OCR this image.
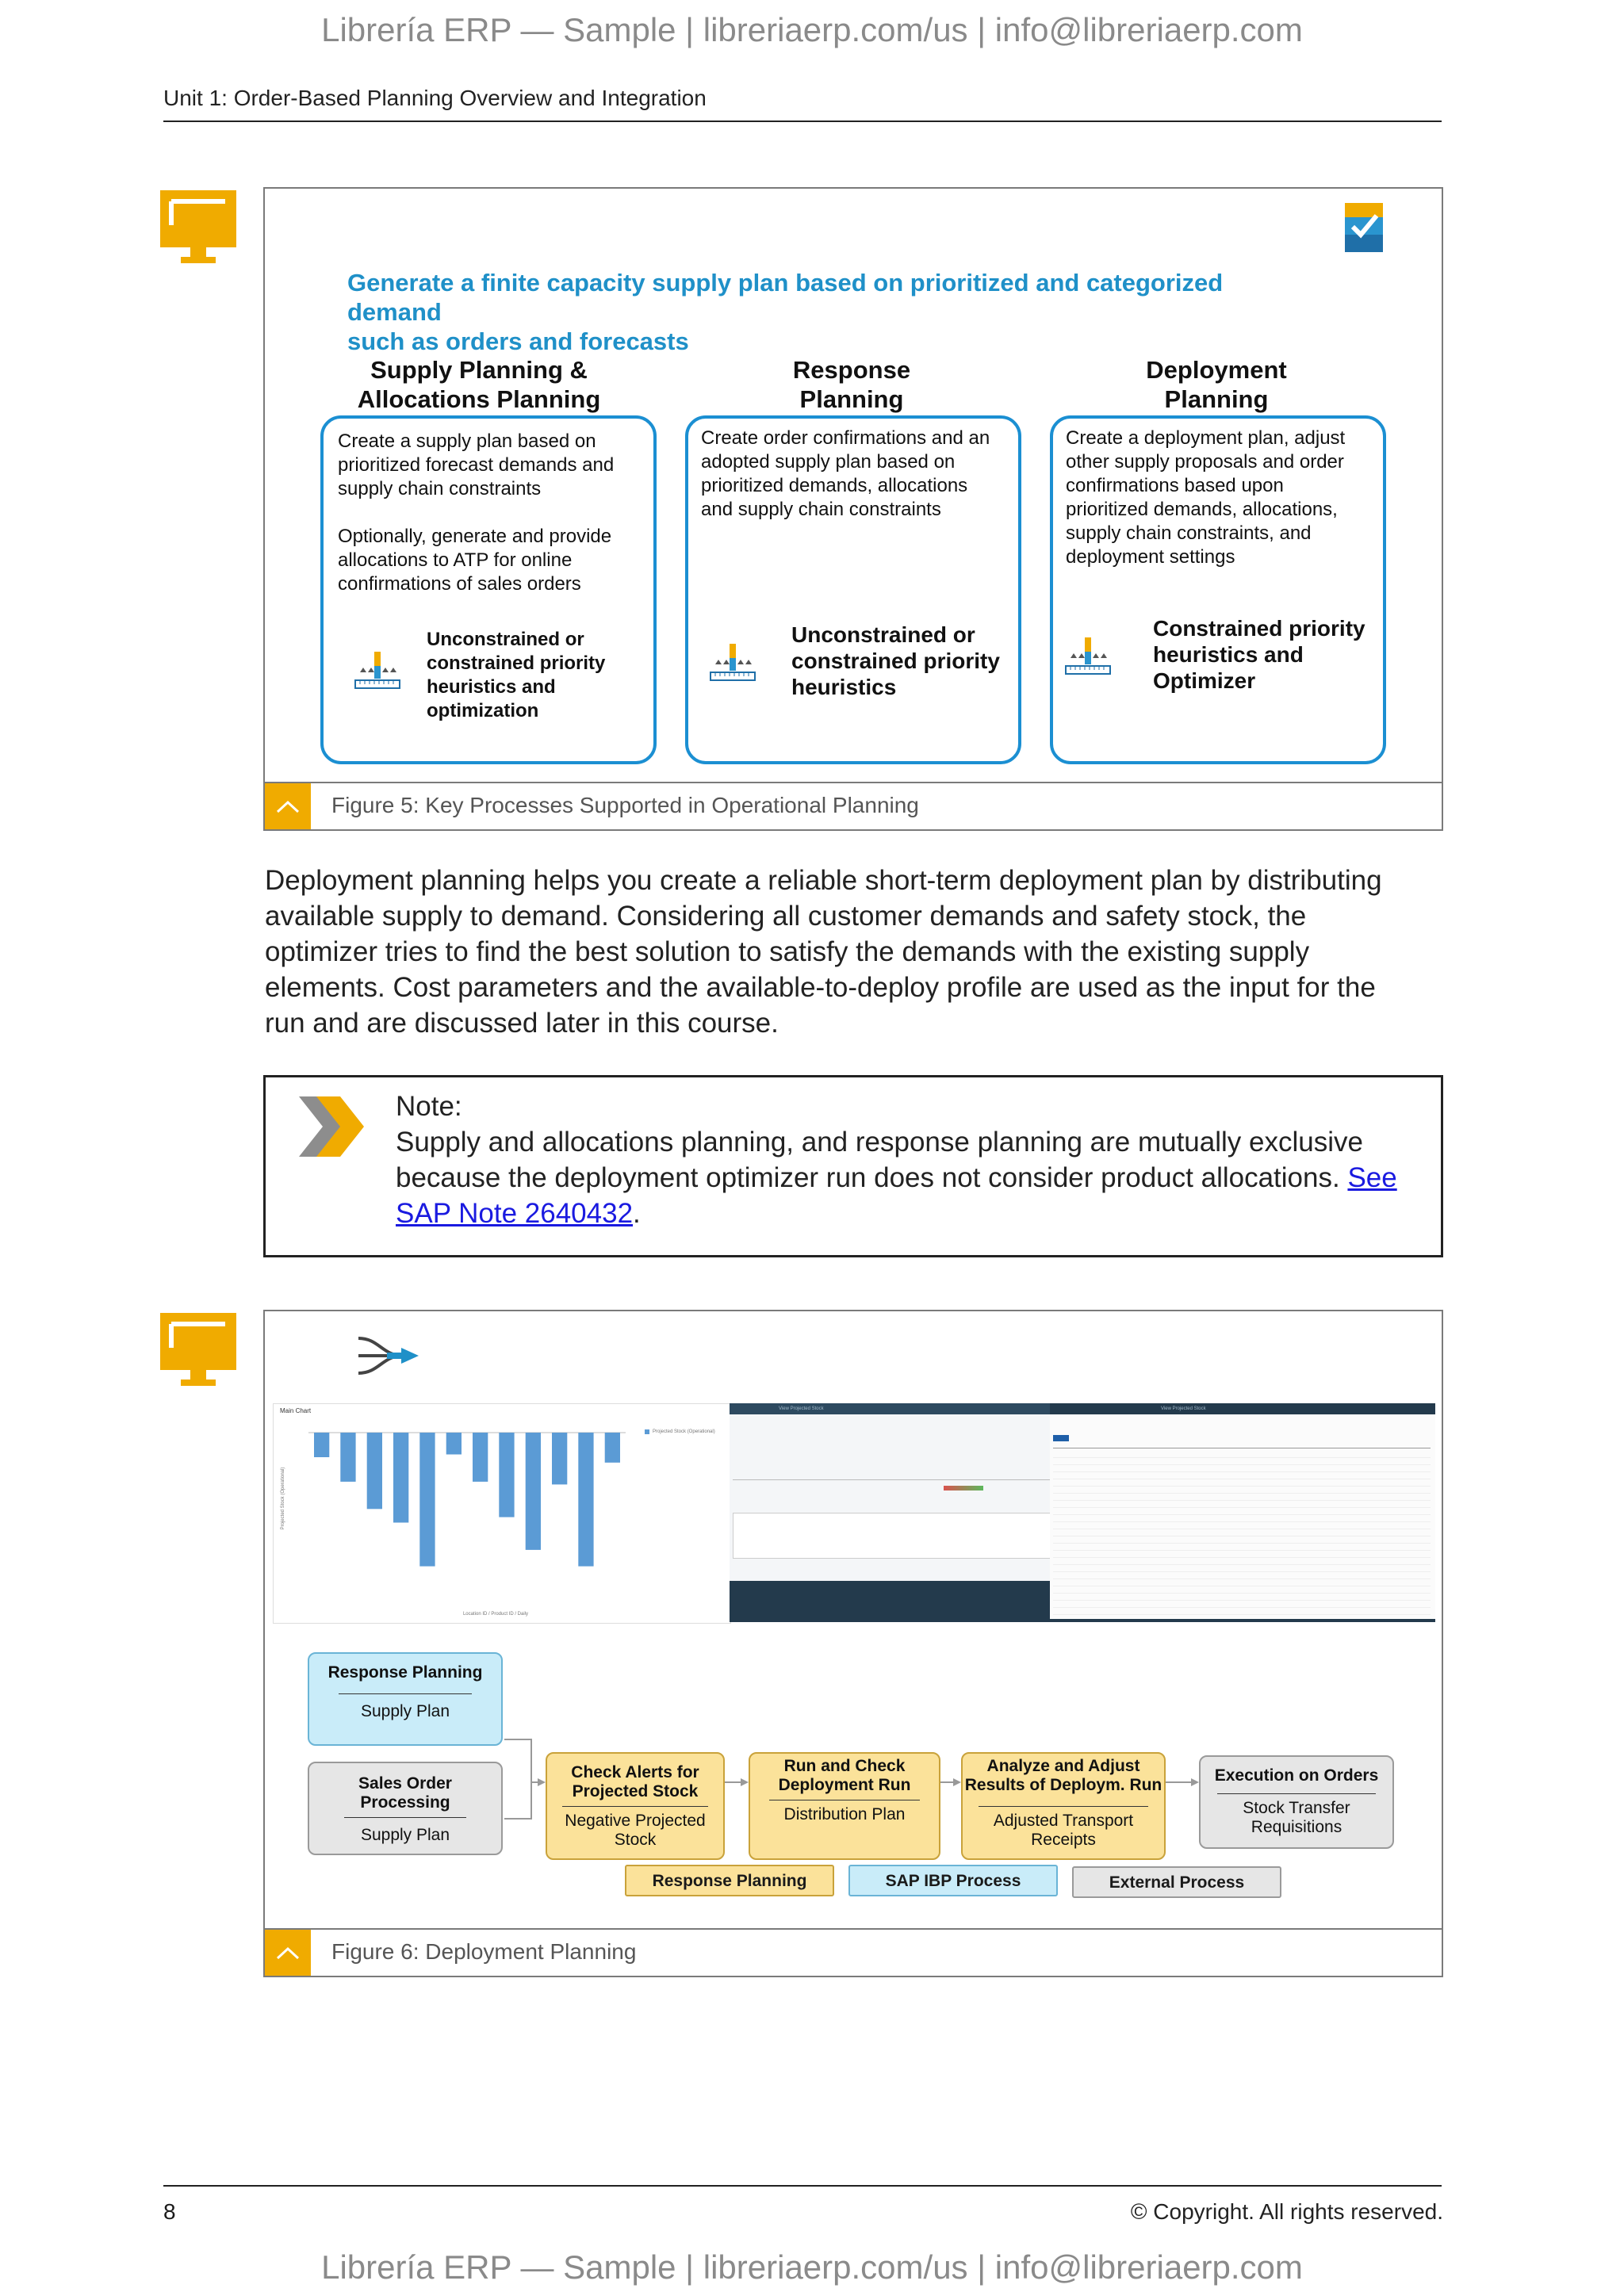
Librería ERP — Sample | libreriaerp.com/us | info@libreriaerp.com
Unit 1: Order-Based Planning Overview and Integration
Generate a finite capacity supply plan based on prioritized and categorized
demand
such as orders and forecasts
Supply Planning &
Allocations Planning
Create a supply plan based on
prioritized forecast demands and
supply chain constraints
Optionally, generate and provide
allocations to ATP for online
confirmations of sales orders
Unconstrained or
constrained priority
heuristics and
optimization
Response
Planning
Create order confirmations and an
adopted supply plan based on
prioritized demands, allocations
and supply chain constraints
Unconstrained or
constrained priority
heuristics
Deployment
Planning
Create a deployment plan, adjust
other supply proposals and order
confirmations based upon
prioritized demands, allocations,
supply chain constraints, and
deployment settings
Constrained priority
heuristics and
Optimizer
Figure 5: Key Processes Supported in Operational Planning
Deployment planning helps you create a reliable short-term deployment plan by distributing
available supply to demand. Considering all customer demands and safety stock, the
optimizer tries to find the best solution to satisfy the demands with the existing supply
elements. Cost parameters and the available-to-deploy profile are used as the input for the
run and are discussed later in this course.
Note:
Supply and allocations planning, and response planning are mutually exclusive
because the deployment optimizer run does not consider product allocations. See
SAP Note 2640432.
Main Chart
Projected Stock (Operational)
Projected Stock (Operational)
Location ID / Product ID / Daily
View Projected Stock	View Projected Stock
Response Planning
Supply Plan
Sales Order
Processing
Supply Plan
Check Alerts for
Projected Stock
Negative Projected
Stock
Run and Check
Deployment Run
Distribution Plan
Analyze and Adjust
Results of Deploym. Run
Adjusted Transport
Receipts
Execution on Orders
Stock Transfer
Requisitions
Response Planning	SAP IBP Process	External Process
Figure 6: Deployment Planning
8	© Copyright. All rights reserved.
Librería ERP — Sample | libreriaerp.com/us | info@libreriaerp.com
